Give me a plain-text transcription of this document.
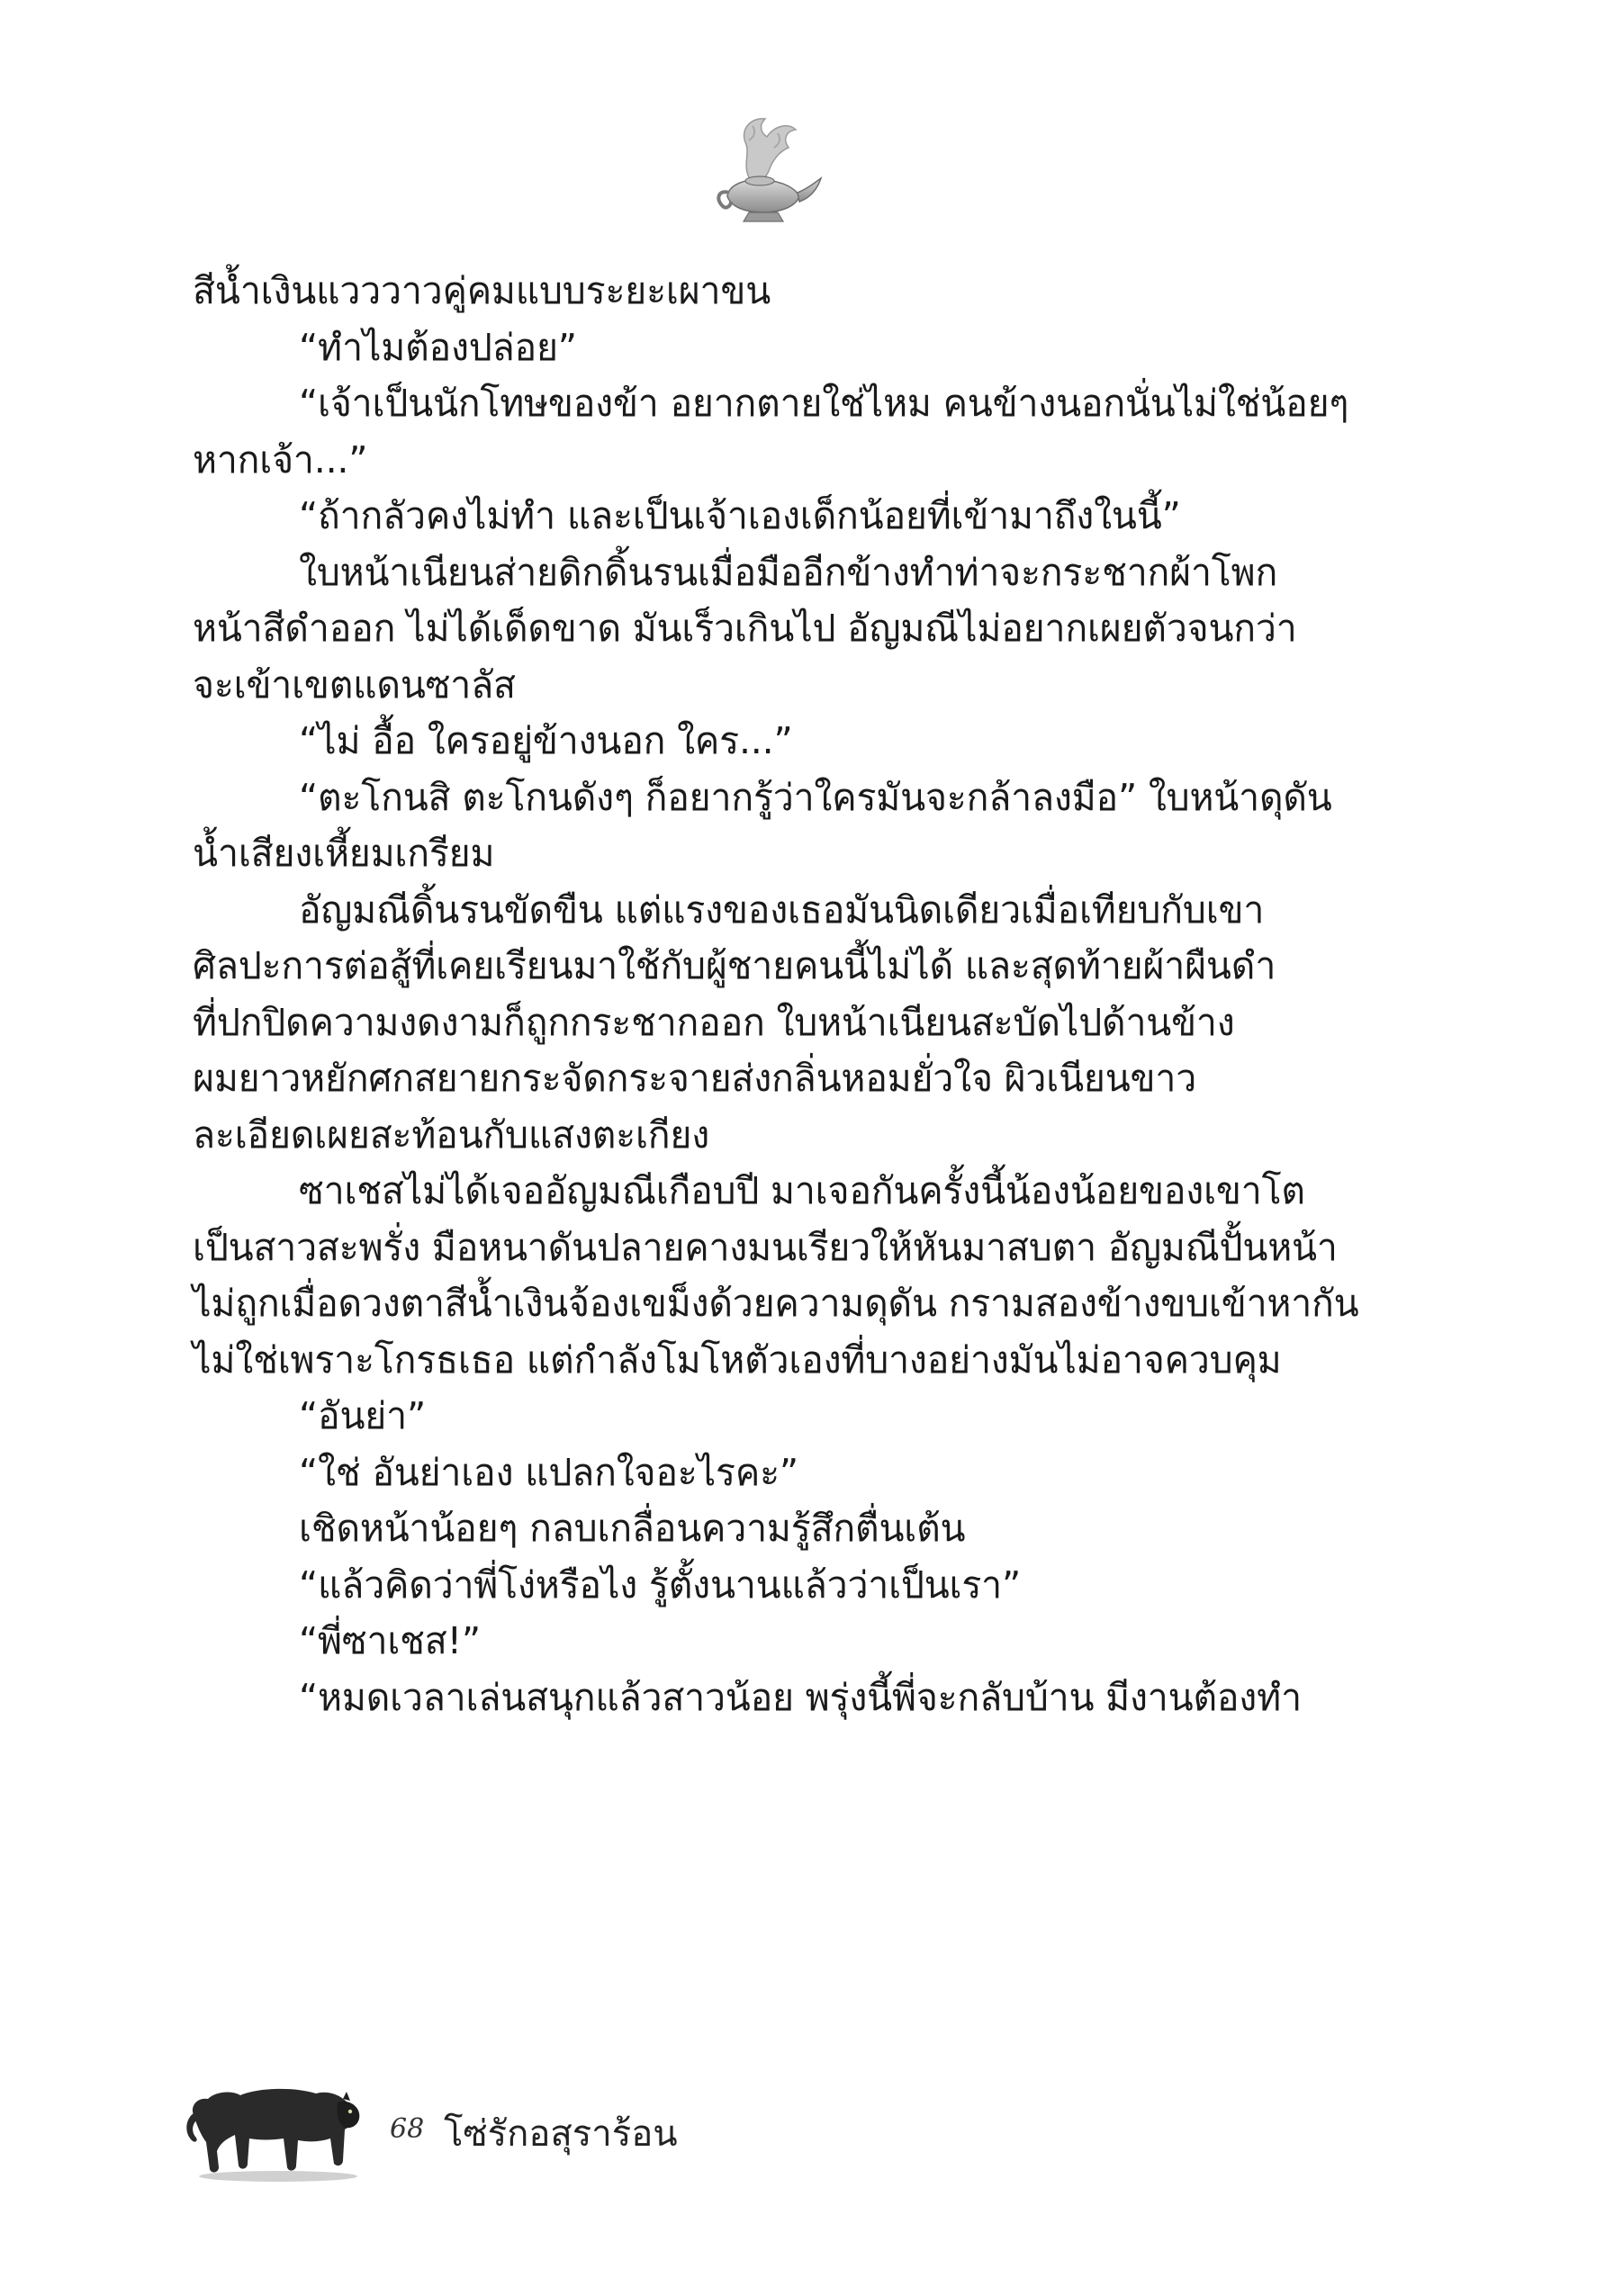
สีน้ำเงินแวววาวคู่คมแบบระยะเผาขน
“ทำไมต้องปล่อย”
“เจ้าเป็นนักโทษของข้า อยากตายใช่ไหม คนข้างนอกนั่นไม่ใช่น้อยๆ
หากเจ้า...”
“ถ้ากลัวคงไม่ทำ และเป็นเจ้าเองเด็กน้อยที่เข้ามาถึงในนี้”
ใบหน้าเนียนส่ายดิกดิ้นรนเมื่อมืออีกข้างทำท่าจะกระชากผ้าโพก
หน้าสีดำออก ไม่ได้เด็ดขาด มันเร็วเกินไป อัญมณีไม่อยากเผยตัวจนกว่า
จะเข้าเขตแดนซาลัส
“ไม่ อื้อ ใครอยู่ข้างนอก ใคร...”
“ตะโกนสิ ตะโกนดังๆ ก็อยากรู้ว่าใครมันจะกล้าลงมือ” ใบหน้าดุดัน
น้ำเสียงเหี้ยมเกรียม
อัญมณีดิ้นรนขัดขืน แต่แรงของเธอมันนิดเดียวเมื่อเทียบกับเขา
ศิลปะการต่อสู้ที่เคยเรียนมาใช้กับผู้ชายคนนี้ไม่ได้ และสุดท้ายผ้าผืนดำ
ที่ปกปิดความงดงามก็ถูกกระชากออก ใบหน้าเนียนสะบัดไปด้านข้าง
ผมยาวหยักศกสยายกระจัดกระจายส่งกลิ่นหอมยั่วใจ ผิวเนียนขาว
ละเอียดเผยสะท้อนกับแสงตะเกียง
ซาเชสไม่ได้เจออัญมณีเกือบปี มาเจอกันครั้งนี้น้องน้อยของเขาโต
เป็นสาวสะพรั่ง มือหนาดันปลายคางมนเรียวให้หันมาสบตา อัญมณีปั้นหน้า
ไม่ถูกเมื่อดวงตาสีน้ำเงินจ้องเขม็งด้วยความดุดัน กรามสองข้างขบเข้าหากัน
ไม่ใช่เพราะโกรธเธอ แต่กำลังโมโหตัวเองที่บางอย่างมันไม่อาจควบคุม
“อันย่า”
“ใช่ อันย่าเอง แปลกใจอะไรคะ”
เชิดหน้าน้อยๆ กลบเกลื่อนความรู้สึกตื่นเต้น
“แล้วคิดว่าพี่โง่หรือไง รู้ตั้งนานแล้วว่าเป็นเรา”
“พี่ซาเชส!”
“หมดเวลาเล่นสนุกแล้วสาวน้อย พรุ่งนี้พี่จะกลับบ้าน มีงานต้องทำ
68 โซ่รักอสุราร้อน
